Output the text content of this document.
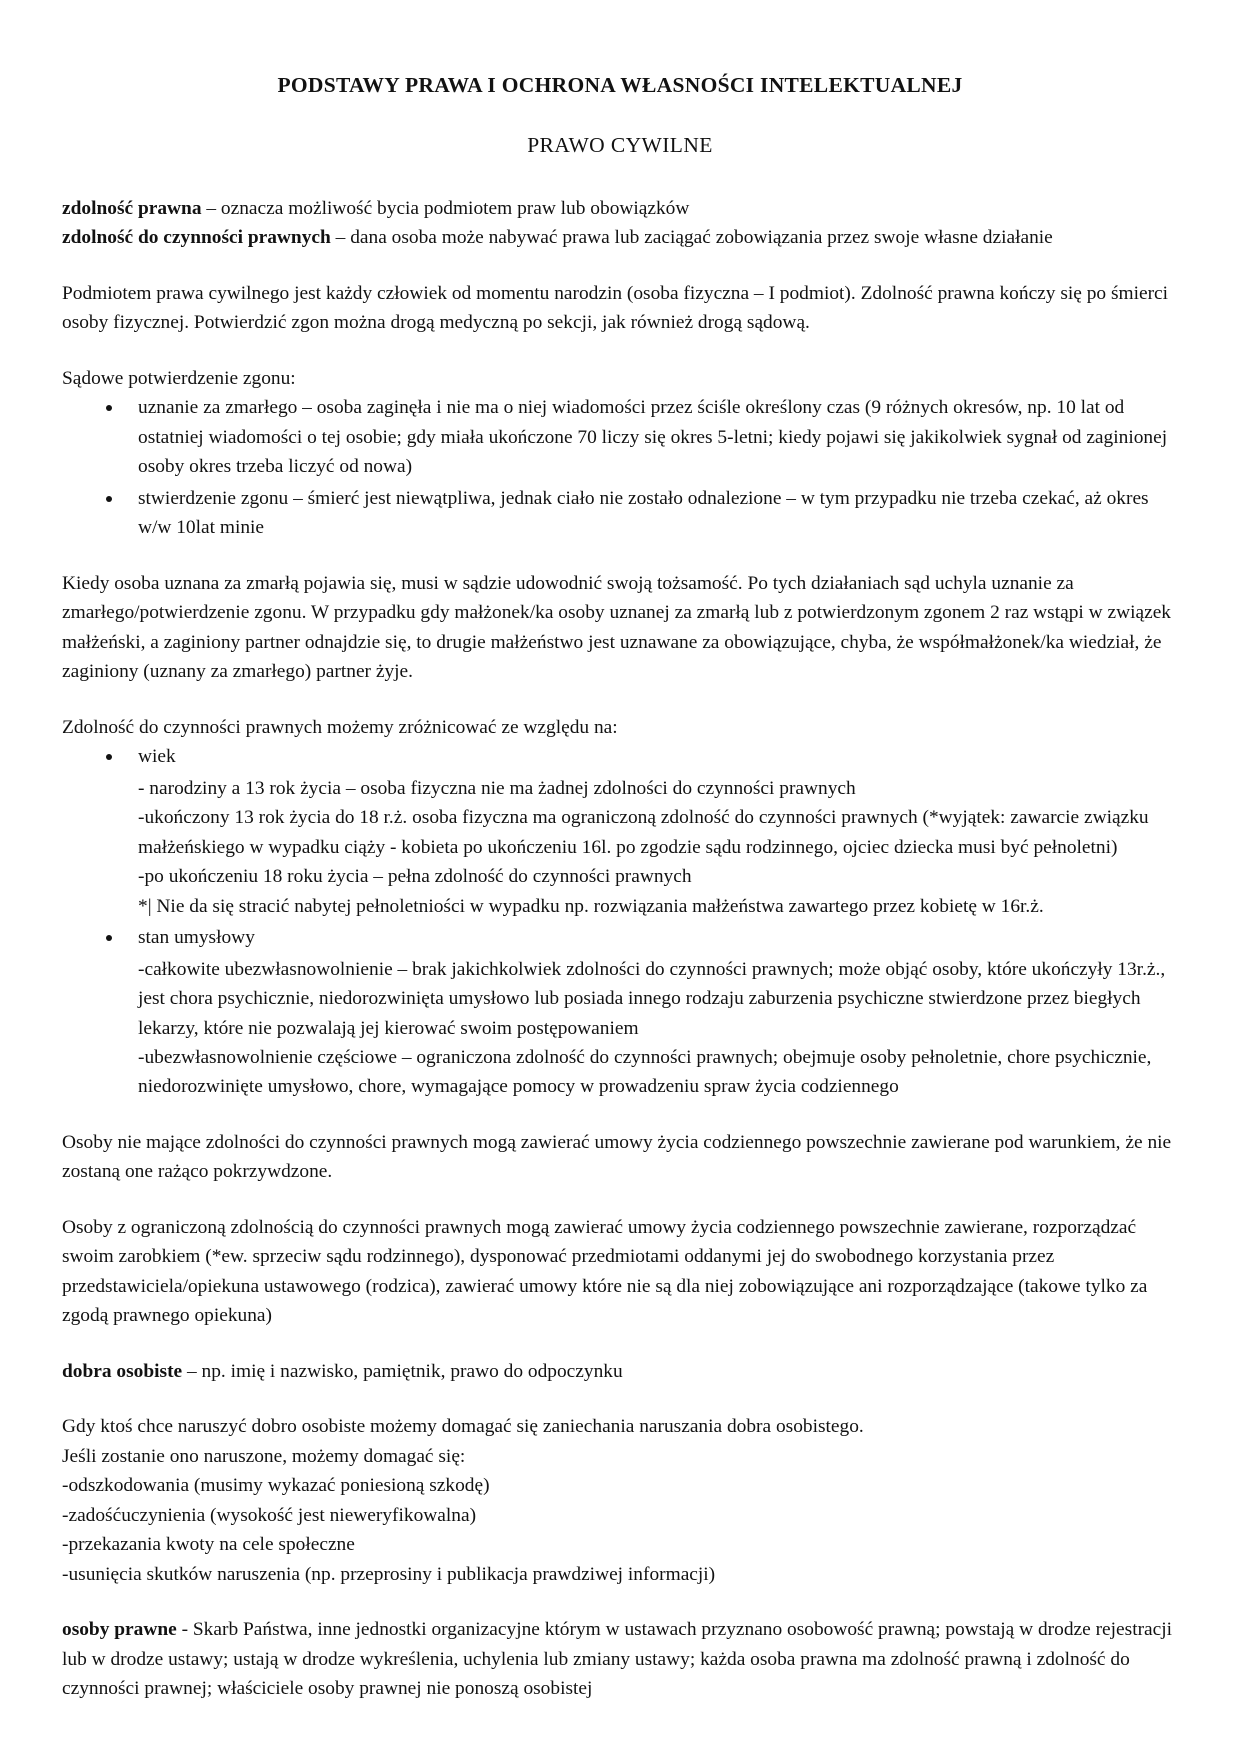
PODSTAWY PRAWA I OCHRONA WŁASNOŚCI INTELEKTUALNEJ
PRAWO CYWILNE

zdolność prawna – oznacza możliwość bycia podmiotem praw lub obowiązków

zdolność do czynności prawnych – dana osoba może nabywać prawa lub zaciągać zobowiązania przez swoje własne działanie

Podmiotem prawa cywilnego jest każdy człowiek od momentu narodzin (osoba fizyczna – I podmiot). Zdolność prawna kończy się po śmierci osoby fizycznej. Potwierdzić zgon można drogą medyczną po sekcji, jak również drogą sądową.

Sądowe potwierdzenie zgonu:

uznanie za zmarłego – osoba zaginęła i nie ma o niej wiadomości przez ściśle określony czas (9 różnych okresów, np. 10 lat od ostatniej wiadomości o tej osobie; gdy miała ukończone 70 liczy się okres 5-letni; kiedy pojawi się jakikolwiek sygnał od zaginionej osoby okres trzeba liczyć od nowa)
stwierdzenie zgonu – śmierć jest niewątpliwa, jednak ciało nie zostało odnalezione – w tym przypadku nie trzeba czekać, aż okres w/w 10lat minie

Kiedy osoba uznana za zmarłą pojawia się, musi w sądzie udowodnić swoją tożsamość. Po tych działaniach sąd uchyla uznanie za zmarłego/potwierdzenie zgonu. W przypadku gdy małżonek/ka osoby uznanej za zmarłą lub z potwierdzonym zgonem 2 raz wstąpi w związek małżeński, a zaginiony partner odnajdzie się, to drugie małżeństwo jest uznawane za obowiązujące, chyba, że współmałżonek/ka wiedział, że zaginiony (uznany za zmarłego) partner żyje.

Zdolność do czynności prawnych możemy zróżnicować ze względu na:

wiek
- narodziny a 13 rok życia – osoba fizyczna nie ma żadnej zdolności do czynności prawnych
-ukończony 13 rok życia do 18 r.ż. osoba fizyczna ma ograniczoną zdolność do czynności prawnych (*wyjątek: zawarcie związku małżeńskiego w wypadku ciąży - kobieta po ukończeniu 16l. po zgodzie sądu rodzinnego, ojciec dziecka musi być pełnoletni)
-po ukończeniu 18 roku życia – pełna zdolność do czynności prawnych
*| Nie da się stracić nabytej pełnoletniości w wypadku np. rozwiązania małżeństwa zawartego przez kobietę w 16r.ż.
stan umysłowy
-całkowite ubezwłasnowolnienie – brak jakichkolwiek zdolności do czynności prawnych; może objąć osoby, które ukończyły 13r.ż., jest chora psychicznie, niedorozwinięta umysłowo lub posiada innego rodzaju zaburzenia psychiczne stwierdzone przez biegłych lekarzy, które nie pozwalają jej kierować swoim postępowaniem
-ubezwłasnowolnienie częściowe – ograniczona zdolność do czynności prawnych; obejmuje osoby pełnoletnie, chore psychicznie, niedorozwinięte umysłowo, chore, wymagające pomocy w prowadzeniu spraw życia codziennego

Osoby nie mające zdolności do czynności prawnych mogą zawierać umowy życia codziennego powszechnie zawierane pod warunkiem, że nie zostaną one rażąco pokrzywdzone.

Osoby z ograniczoną zdolnością do czynności prawnych mogą zawierać umowy życia codziennego powszechnie zawierane, rozporządzać swoim zarobkiem (*ew. sprzeciw sądu rodzinnego), dysponować przedmiotami oddanymi jej do swobodnego korzystania przez przedstawiciela/opiekuna ustawowego (rodzica), zawierać umowy które nie są dla niej zobowiązujące ani rozporządzające (takowe tylko za zgodą prawnego opiekuna)

dobra osobiste – np. imię i nazwisko, pamiętnik, prawo do odpoczynku

Gdy ktoś chce naruszyć dobro osobiste możemy domagać się zaniechania naruszania dobra osobistego.

Jeśli zostanie ono naruszone, możemy domagać się:

-odszkodowania (musimy wykazać poniesioną szkodę)

-zadośćuczynienia (wysokość jest nieweryfikowalna)

-przekazania kwoty na cele społeczne

-usunięcia skutków naruszenia (np. przeprosiny i publikacja prawdziwej informacji)

osoby prawne - Skarb Państwa, inne jednostki organizacyjne którym w ustawach przyznano osobowość prawną; powstają w drodze rejestracji lub w drodze ustawy; ustają w drodze wykreślenia, uchylenia lub zmiany ustawy; każda osoba prawna ma zdolność prawną i zdolność do czynności prawnej; właściciele osoby prawnej nie ponoszą osobistej
